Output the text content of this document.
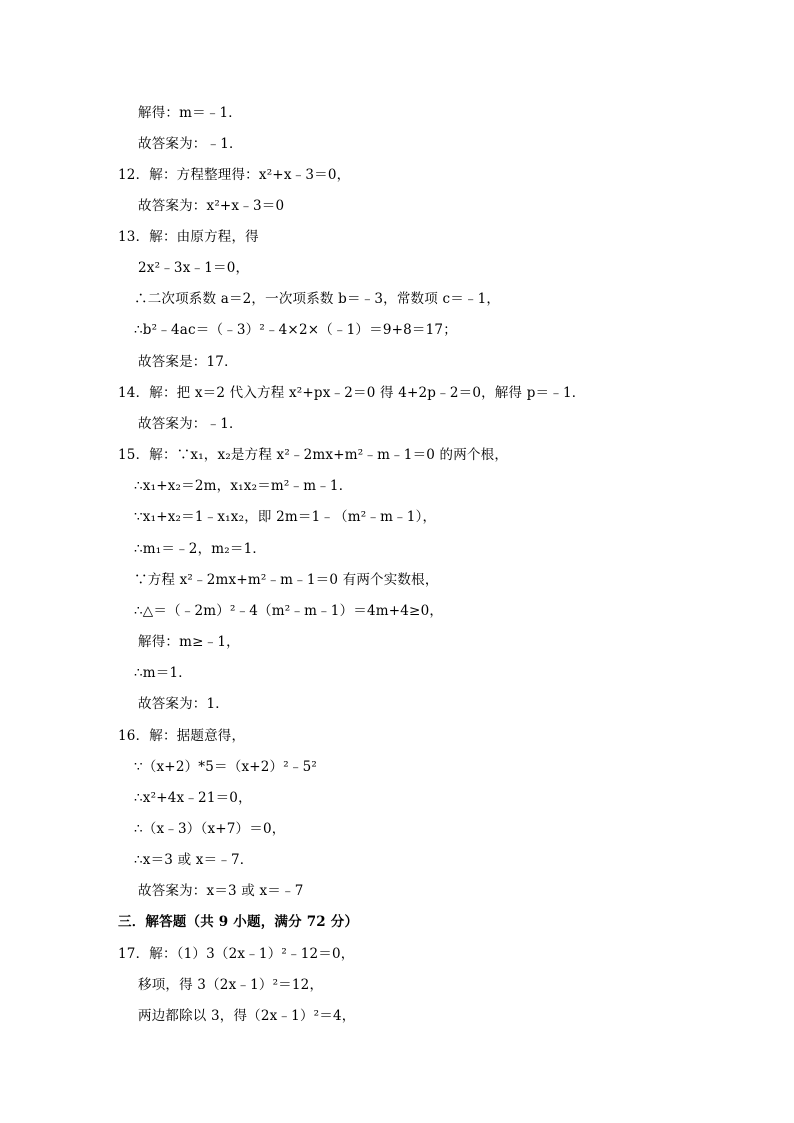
解得：m＝﹣1．
故答案为：﹣1．
12．解：方程整理得：x²+x﹣3＝0，
故答案为：x²+x﹣3＝0
13．解：由原方程，得
2x²﹣3x﹣1＝0，
∴二次项系数 a＝2，一次项系数 b＝﹣3，常数项 c＝﹣1，
∴b²﹣4ac＝（﹣3）²﹣4×2×（﹣1）＝9+8＝17；
故答案是：17．
14．解：把 x＝2 代入方程 x²+px﹣2＝0 得 4+2p﹣2＝0，解得 p＝﹣1．
故答案为：﹣1．
15．解：∵x₁，x₂是方程 x²﹣2mx+m²﹣m﹣1＝0 的两个根，
∴x₁+x₂＝2m，x₁x₂＝m²﹣m﹣1．
∵x₁+x₂＝1﹣x₁x₂，即 2m＝1﹣（m²﹣m﹣1），
∴m₁＝﹣2，m₂＝1．
∵方程 x²﹣2mx+m²﹣m﹣1＝0 有两个实数根，
∴△＝（﹣2m）²﹣4（m²﹣m﹣1）＝4m+4≥0，
解得：m≥﹣1，
∴m＝1．
故答案为：1．
16．解：据题意得，
∵（x+2）*5＝（x+2）²﹣5²
∴x²+4x﹣21＝0，
∴（x﹣3）（x+7）＝0，
∴x＝3 或 x＝﹣7．
故答案为：x＝3 或 x＝﹣7
三．解答题（共 9 小题，满分 72 分）
17．解：（1）3（2x﹣1）²﹣12＝0，
移项，得 3（2x﹣1）²＝12，
两边都除以 3，得（2x﹣1）²＝4，
